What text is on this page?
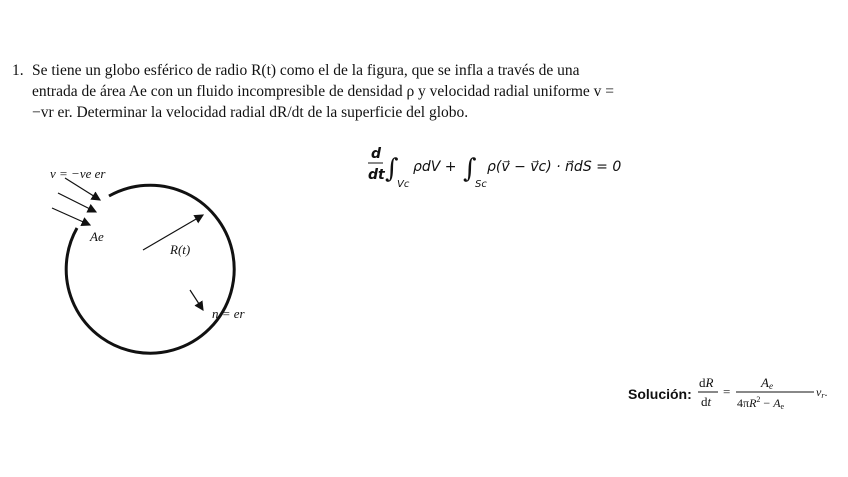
1. Se tiene un globo esférico de radio R(t) como el de la figura, que se infla a través de una entrada de área Ae con un fluido incompresible de densidad ρ y velocidad radial uniforme v = −vr er. Determinar la velocidad radial dR/dt de la superficie del globo.
v = −ve er
Ae
R(t)
n = er
d
dt ∫
Vc
ρdV + ∫
Sc
ρ(v⃗ − v⃗c) · n⃗dS = 0
Solución:
dR
dt
=
Ae
$4\pi R^2 - Ae$
vr.
